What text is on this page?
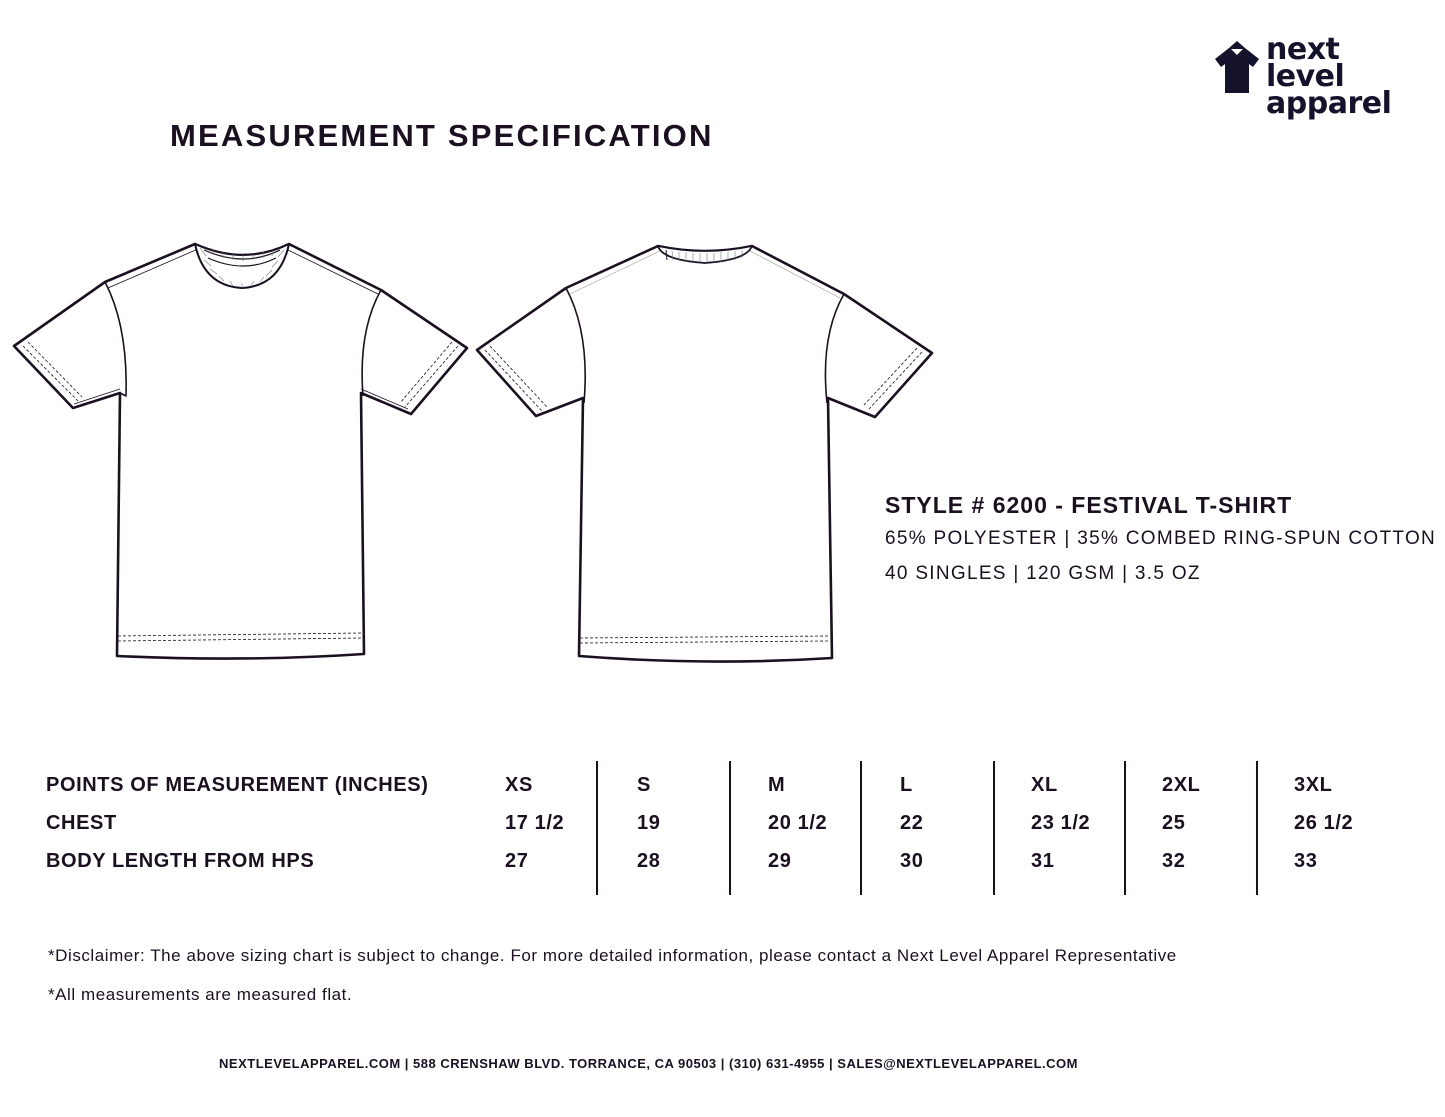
next level
apparel
MEASUREMENT SPECIFICATION
STYLE # 6200 - FESTIVAL T-SHIRT
65% POLYESTER | 35% COMBED RING-SPUN COTTON
40 SINGLES | 120 GSM | 3.5 OZ
POINTS OF MEASUREMENT (INCHES)	XS	S	M	L	XL	2XL	3XL
CHEST	17 1/2	19	20 1/2	22	23 1/2	25	26 1/2
BODY LENGTH FROM HPS	27	28	29	30	31	32	33
*Disclaimer: The above sizing chart is subject to change. For more detailed information, please contact a Next Level Apparel Representative
*All measurements are measured flat.
NEXTLEVELAPPAREL.COM | 588 CRENSHAW BLVD. TORRANCE, CA 90503 | (310) 631-4955 | SALES@NEXTLEVELAPPAREL.COM
